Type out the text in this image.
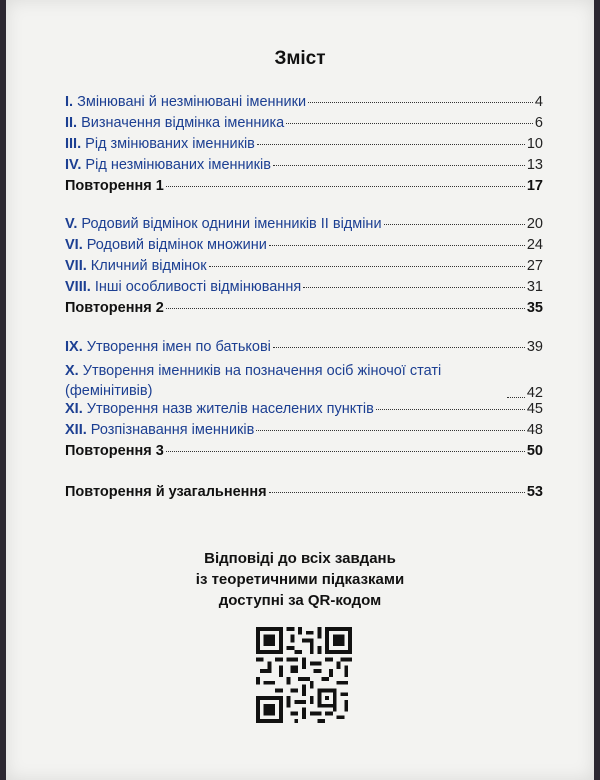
Зміст
I. Змінювані й незмінювані іменники	4
II. Визначення відмінка іменника	6
III. Рід змінюваних іменників	10
IV. Рід незмінюваних іменників	13
Повторення 1	17
V. Родовий відмінок однини іменників ІІ відміни	20
VI. Родовий відмінок множини	24
VII. Кличний відмінок	27
VIII. Інші особливості відмінювання	31
Повторення 2	35
IX. Утворення імен по батькові	39
X. Утворення іменників на позначення осіб жіночої статі (фемінітивів)	42
XI. Утворення назв жителів населених пунктів	45
XII. Розпізнавання іменників	48
Повторення 3	50
Повторення й узагальнення	53
Відповіді до всіх завдань
із теоретичними підказками
доступні за QR-кодом
